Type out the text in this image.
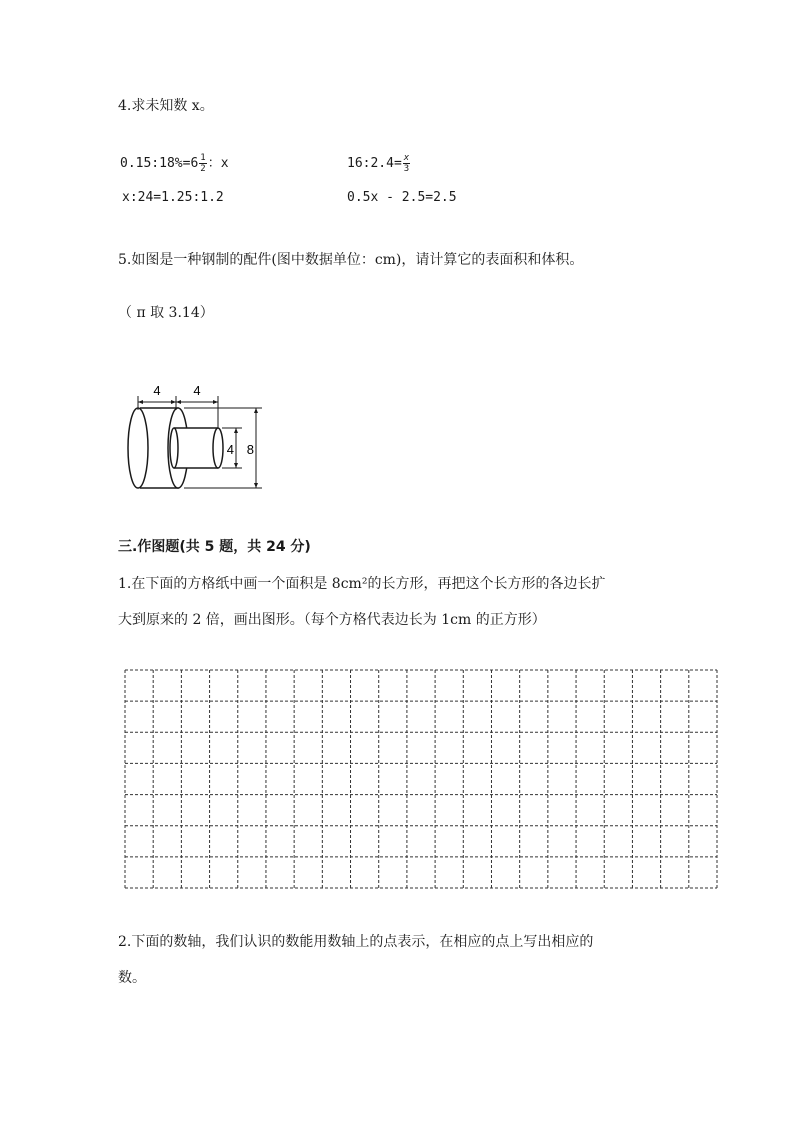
4.求未知数 x。
0.15:18%=6 $\frac{1}{2}$ ：x	16:2.4= $\frac{x}{3}$
x:24=1.25:1.2	0.5x - 2.5=2.5
5.如图是一种钢制的配件(图中数据单位：cm)，请计算它的表面积和体积。
（ π 取 3.14）
4	4
4 8
三.作图题(共 5 题，共 24 分)
1.在下面的方格纸中画一个面积是 8cm²的长方形，再把这个长方形的各边长扩
大到原来的 2 倍，画出图形。（每个方格代表边长为 1cm 的正方形）
2.下面的数轴，我们认识的数能用数轴上的点表示，在相应的点上写出相应的
数。
